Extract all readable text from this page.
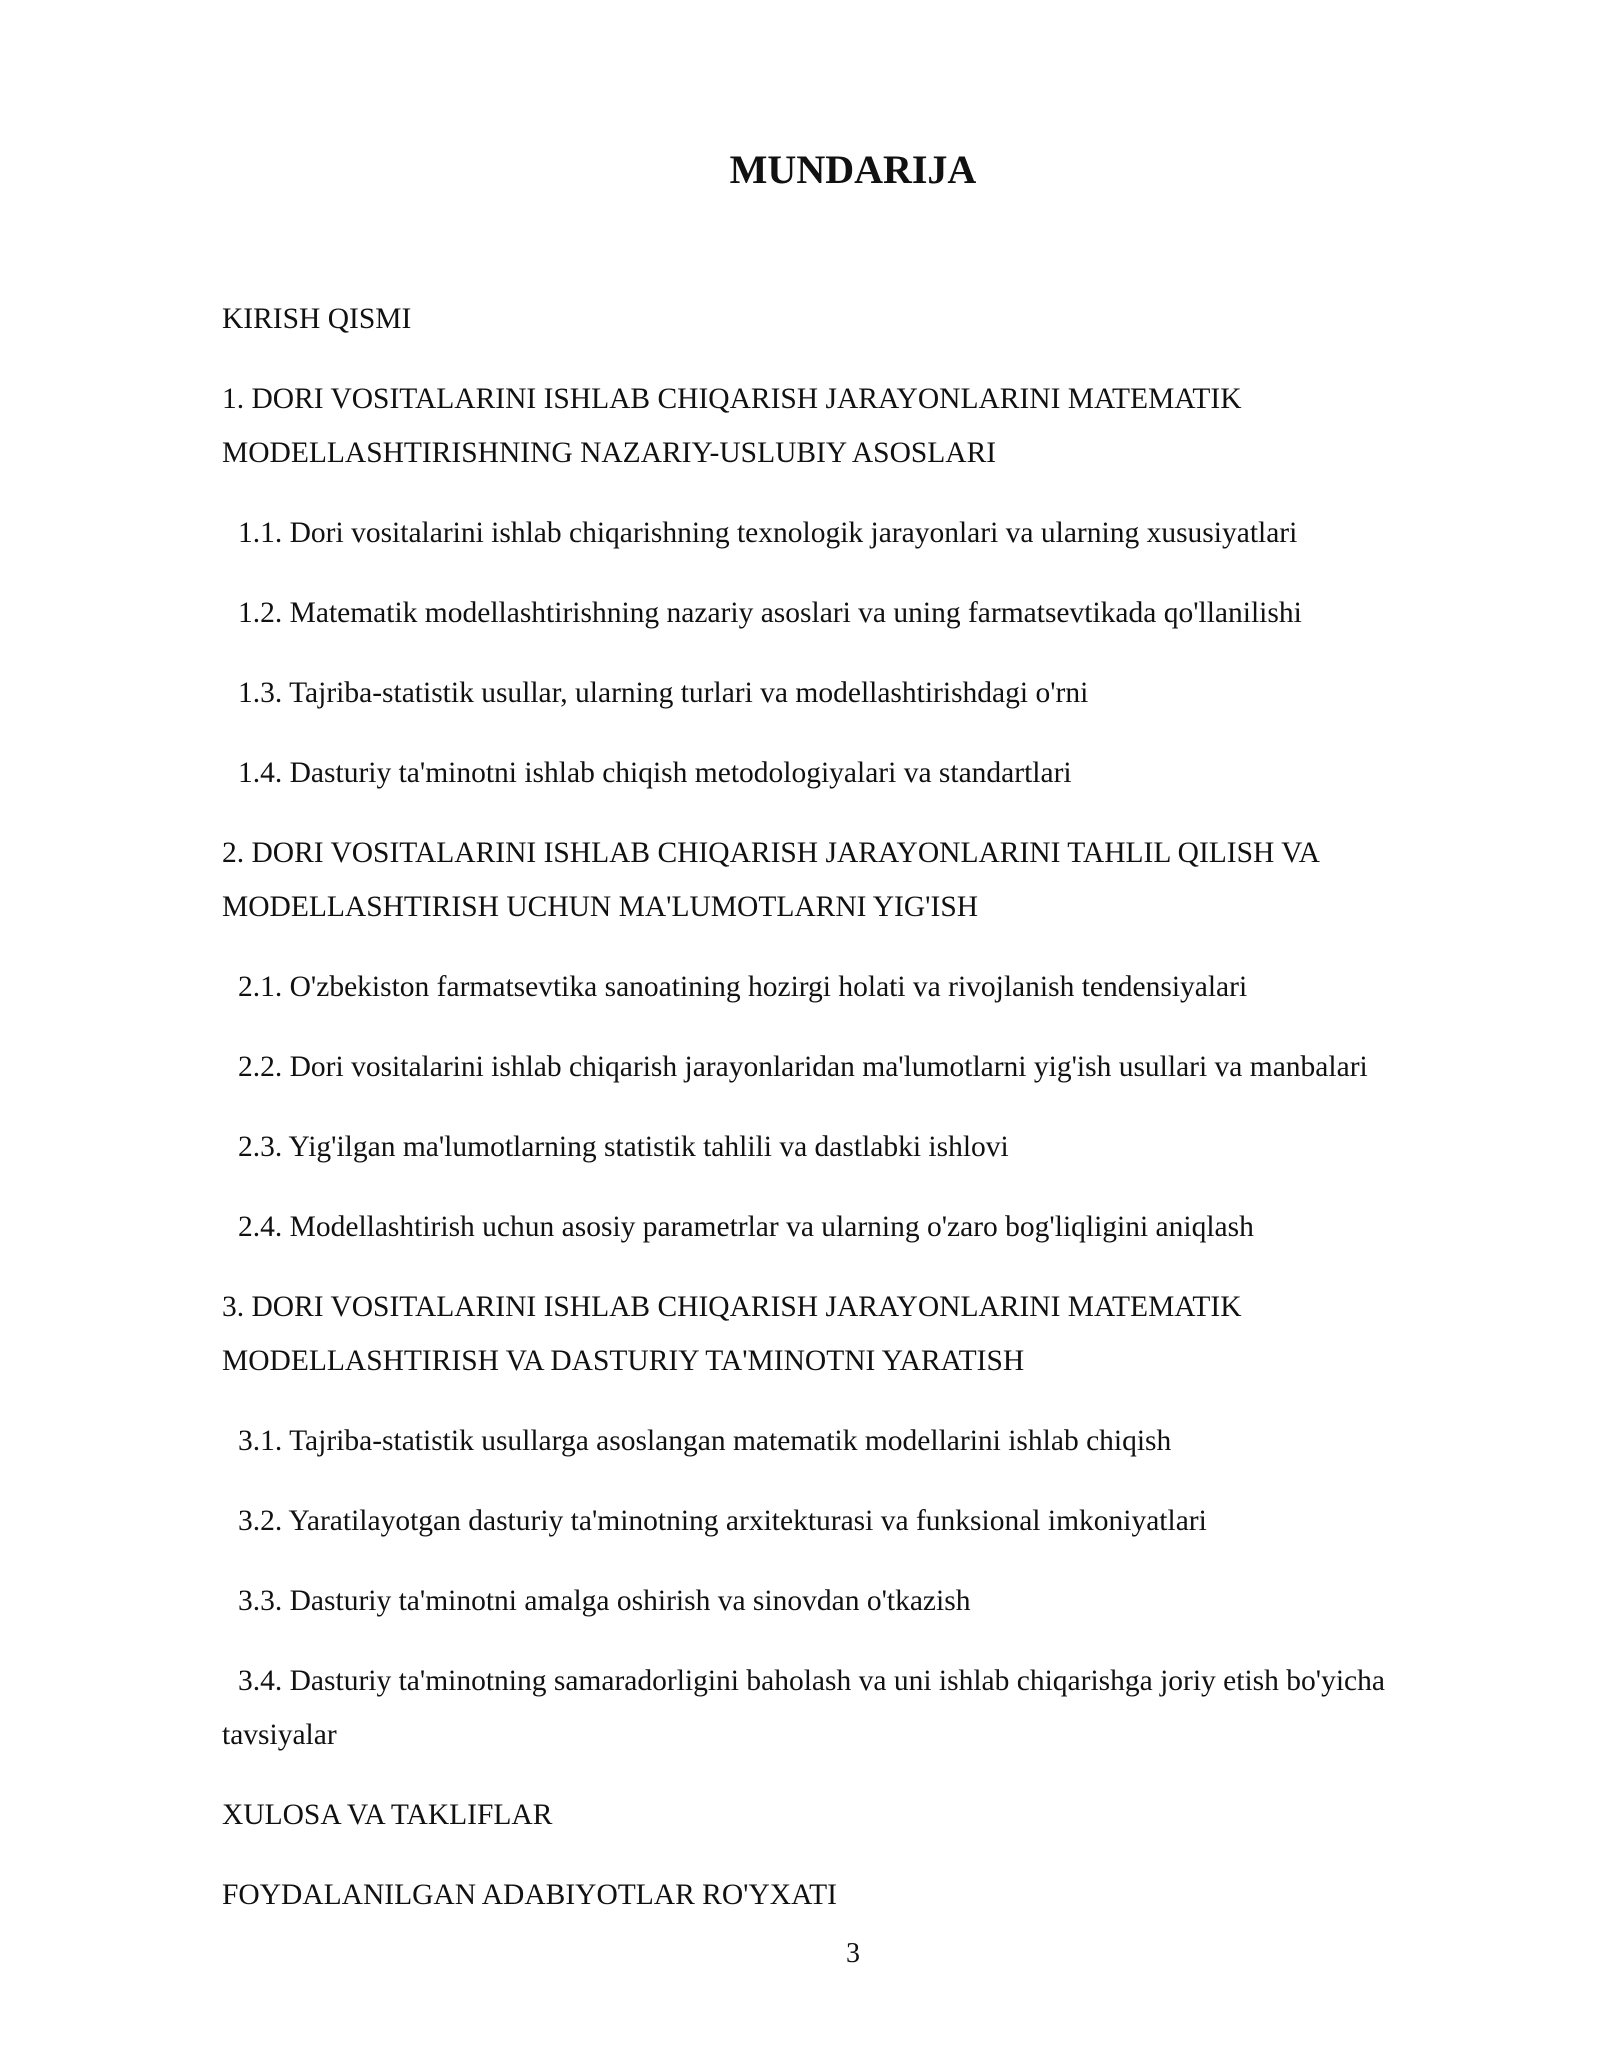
MUNDARIJA

KIRISH QISMI

1. DORI VOSITALARINI ISHLAB CHIQARISH JARAYONLARINI MATEMATIK MODELLASHTIRISHNING NAZARIY-USLUBIY ASOSLARI

1.1. Dori vositalarini ishlab chiqarishning texnologik jarayonlari va ularning xususiyatlari

1.2. Matematik modellashtirishning nazariy asoslari va uning farmatsevtikada qo'llanilishi

1.3. Tajriba-statistik usullar, ularning turlari va modellashtirishdagi o'rni

1.4. Dasturiy ta'minotni ishlab chiqish metodologiyalari va standartlari

2. DORI VOSITALARINI ISHLAB CHIQARISH JARAYONLARINI TAHLIL QILISH VA MODELLASHTIRISH UCHUN MA'LUMOTLARNI YIG'ISH

2.1. O'zbekiston farmatsevtika sanoatining hozirgi holati va rivojlanish tendensiyalari

2.2. Dori vositalarini ishlab chiqarish jarayonlaridan ma'lumotlarni yig'ish usullari va manbalari

2.3. Yig'ilgan ma'lumotlarning statistik tahlili va dastlabki ishlovi

2.4. Modellashtirish uchun asosiy parametrlar va ularning o'zaro bog'liqligini aniqlash

3. DORI VOSITALARINI ISHLAB CHIQARISH JARAYONLARINI MATEMATIK MODELLASHTIRISH VA DASTURIY TA'MINOTNI YARATISH

3.1. Tajriba-statistik usullarga asoslangan matematik modellarini ishlab chiqish

3.2. Yaratilayotgan dasturiy ta'minotning arxitekturasi va funksional imkoniyatlari

3.3. Dasturiy ta'minotni amalga oshirish va sinovdan o'tkazish

3.4. Dasturiy ta'minotning samaradorligini baholash va uni ishlab chiqarishga joriy etish bo'yicha tavsiyalar

XULOSA VA TAKLIFLAR

FOYDALANILGAN ADABIYOTLAR RO'YXATI

3
